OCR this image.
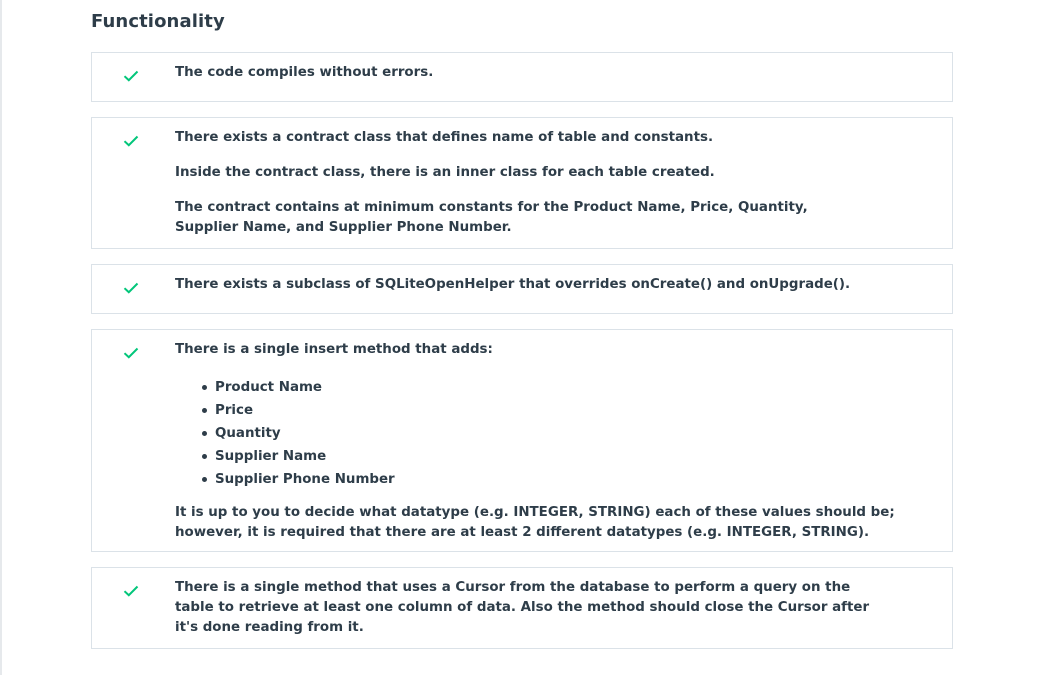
Functionality

The code compiles without errors.

There exists a contract class that defines name of table and constants.

Inside the contract class, there is an inner class for each table created.

The contract contains at minimum constants for the Product Name, Price, Quantity, Supplier Name, and Supplier Phone Number.

There exists a subclass of SQLiteOpenHelper that overrides onCreate() and onUpgrade().

There is a single insert method that adds:

Product Name
Price
Quantity
Supplier Name
Supplier Phone Number

It is up to you to decide what datatype (e.g. INTEGER, STRING) each of these values should be; however, it is required that there are at least 2 different datatypes (e.g. INTEGER, STRING).

There is a single method that uses a Cursor from the database to perform a query on the table to retrieve at least one column of data. Also the method should close the Cursor after it's done reading from it.
